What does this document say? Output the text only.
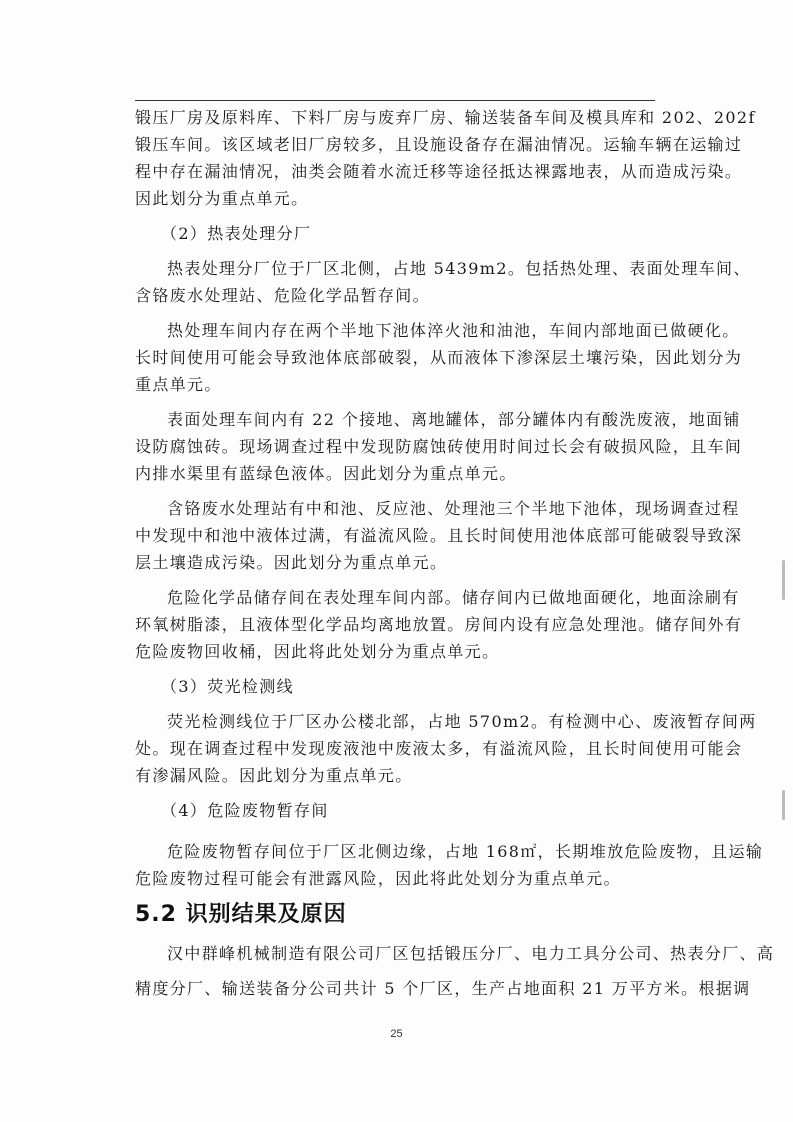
锻压厂房及原料库、下料厂房与废弃厂房、输送装备车间及模具库和 202、202f
锻压车间。该区域老旧厂房较多，且设施设备存在漏油情况。运输车辆在运输过
程中存在漏油情况，油类会随着水流迁移等途径抵达裸露地表，从而造成污染。
因此划分为重点单元。
（2）热表处理分厂
热表处理分厂位于厂区北侧，占地 5439m2。包括热处理、表面处理车间、
含铬废水处理站、危险化学品暂存间。
热处理车间内存在两个半地下池体淬火池和油池，车间内部地面已做硬化。
长时间使用可能会导致池体底部破裂，从而液体下渗深层土壤污染，因此划分为
重点单元。
表面处理车间内有 22 个接地、离地罐体，部分罐体内有酸洗废液，地面铺
设防腐蚀砖。现场调查过程中发现防腐蚀砖使用时间过长会有破损风险，且车间
内排水渠里有蓝绿色液体。因此划分为重点单元。
含铬废水处理站有中和池、反应池、处理池三个半地下池体，现场调查过程
中发现中和池中液体过满，有溢流风险。且长时间使用池体底部可能破裂导致深
层土壤造成污染。因此划分为重点单元。
危险化学品储存间在表处理车间内部。储存间内已做地面硬化，地面涂刷有
环氧树脂漆，且液体型化学品均离地放置。房间内设有应急处理池。储存间外有
危险废物回收桶，因此将此处划分为重点单元。
（3）荧光检测线
荧光检测线位于厂区办公楼北部，占地 570m2。有检测中心、废液暂存间两
处。现在调查过程中发现废液池中废液太多，有溢流风险，且长时间使用可能会
有渗漏风险。因此划分为重点单元。
（4）危险废物暂存间
危险废物暂存间位于厂区北侧边缘，占地 168㎡，长期堆放危险废物，且运输
危险废物过程可能会有泄露风险，因此将此处划分为重点单元。
5.2 识别结果及原因
汉中群峰机械制造有限公司厂区包括锻压分厂、电力工具分公司、热表分厂、高
精度分厂、输送装备分公司共计 5 个厂区，生产占地面积 21 万平方米。根据调
25
